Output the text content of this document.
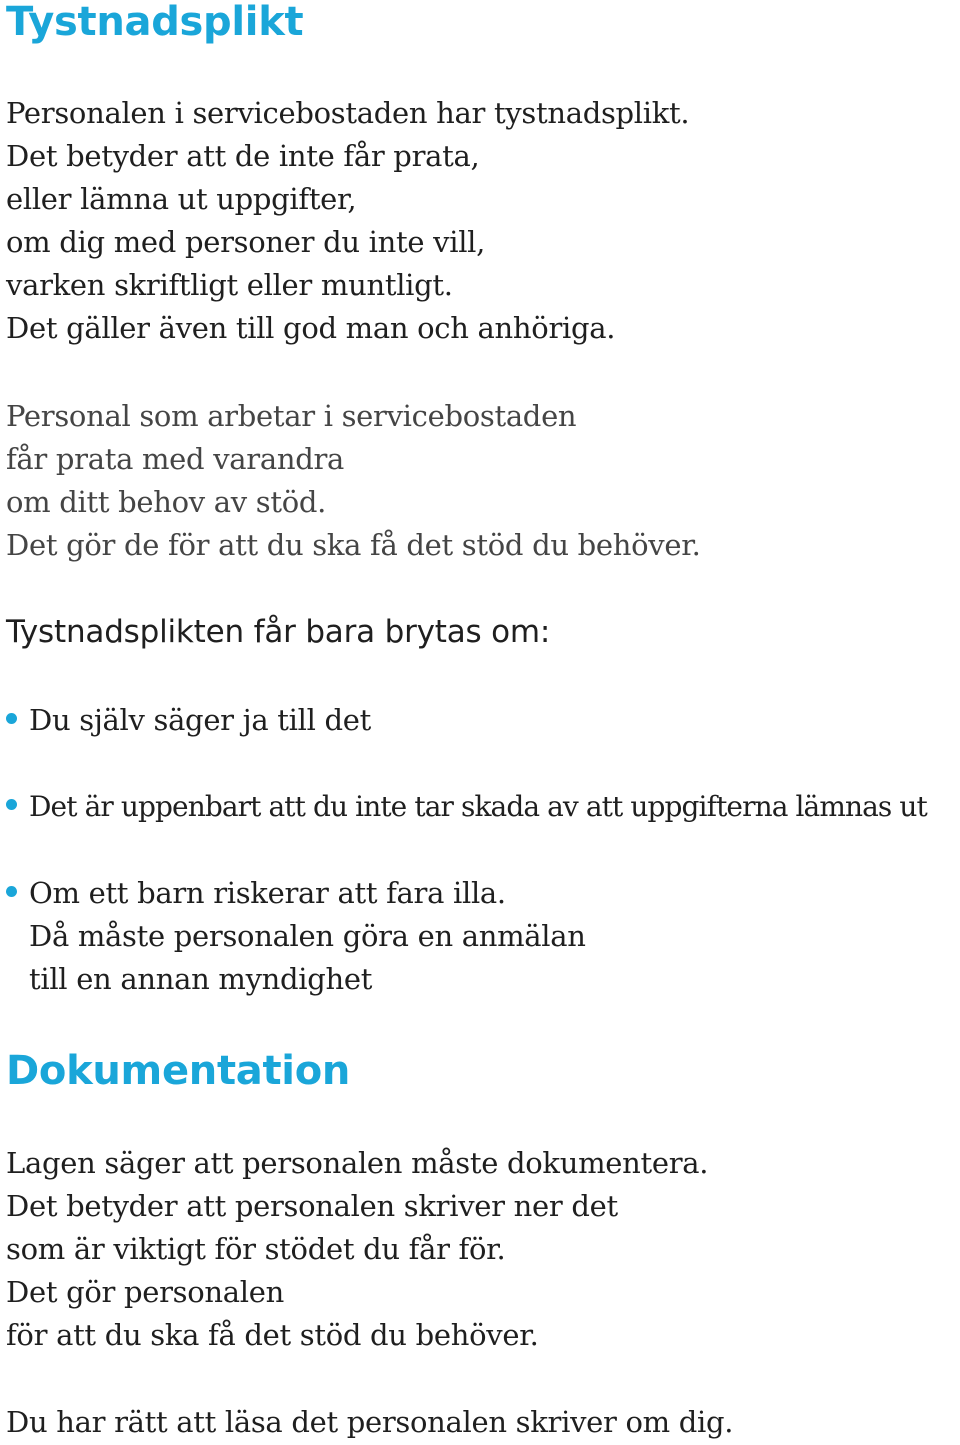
Tystnadsplikt
Personalen i servicebostaden har tystnadsplikt.
Det betyder att de inte får prata,
eller lämna ut uppgifter,
om dig med personer du inte vill,
varken skriftligt eller muntligt.
Det gäller även till god man och anhöriga.
Personal som arbetar i servicebostaden
får prata med varandra
om ditt behov av stöd.
Det gör de för att du ska få det stöd du behöver.
Tystnadsplikten får bara brytas om:
Du själv säger ja till det
Det är uppenbart att du inte tar skada av att uppgifterna lämnas ut
Om ett barn riskerar att fara illa.
Då måste personalen göra en anmälan
till en annan myndighet
Dokumentation
Lagen säger att personalen måste dokumentera.
Det betyder att personalen skriver ner det
som är viktigt för stödet du får för.
Det gör personalen
för att du ska få det stöd du behöver.
Du har rätt att läsa det personalen skriver om dig.
